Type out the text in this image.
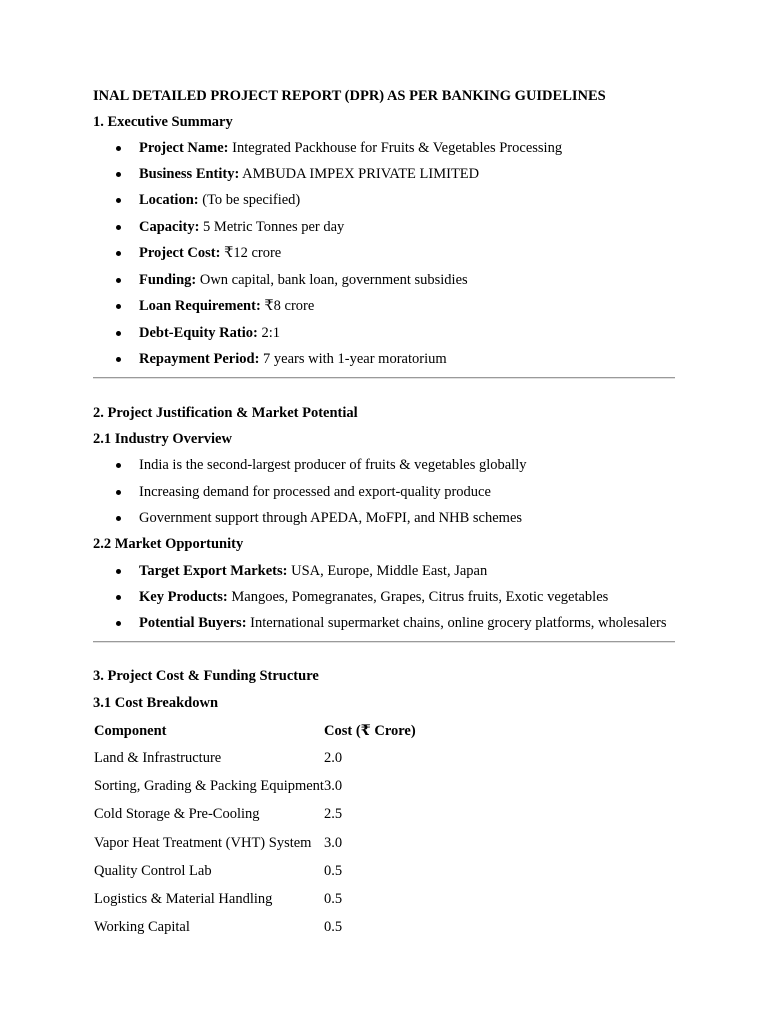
INAL DETAILED PROJECT REPORT (DPR) AS PER BANKING GUIDELINES
1. Executive Summary
Project Name: Integrated Packhouse for Fruits & Vegetables Processing
Business Entity: AMBUDA IMPEX PRIVATE LIMITED
Location: (To be specified)
Capacity: 5 Metric Tonnes per day
Project Cost: ₹12 crore
Funding: Own capital, bank loan, government subsidies
Loan Requirement: ₹8 crore
Debt-Equity Ratio: 2:1
Repayment Period: 7 years with 1-year moratorium
2. Project Justification & Market Potential
2.1 Industry Overview
India is the second-largest producer of fruits & vegetables globally
Increasing demand for processed and export-quality produce
Government support through APEDA, MoFPI, and NHB schemes
2.2 Market Opportunity
Target Export Markets: USA, Europe, Middle East, Japan
Key Products: Mangoes, Pomegranates, Grapes, Citrus fruits, Exotic vegetables
Potential Buyers: International supermarket chains, online grocery platforms, wholesalers
3. Project Cost & Funding Structure
3.1 Cost Breakdown
Component	Cost (₹ Crore)
Land & Infrastructure	2.0
Sorting, Grading & Packing Equipment 3.0
Cold Storage & Pre-Cooling	2.5
Vapor Heat Treatment (VHT) System 3.0
Quality Control Lab	0.5
Logistics & Material Handling	0.5
Working Capital	0.5
